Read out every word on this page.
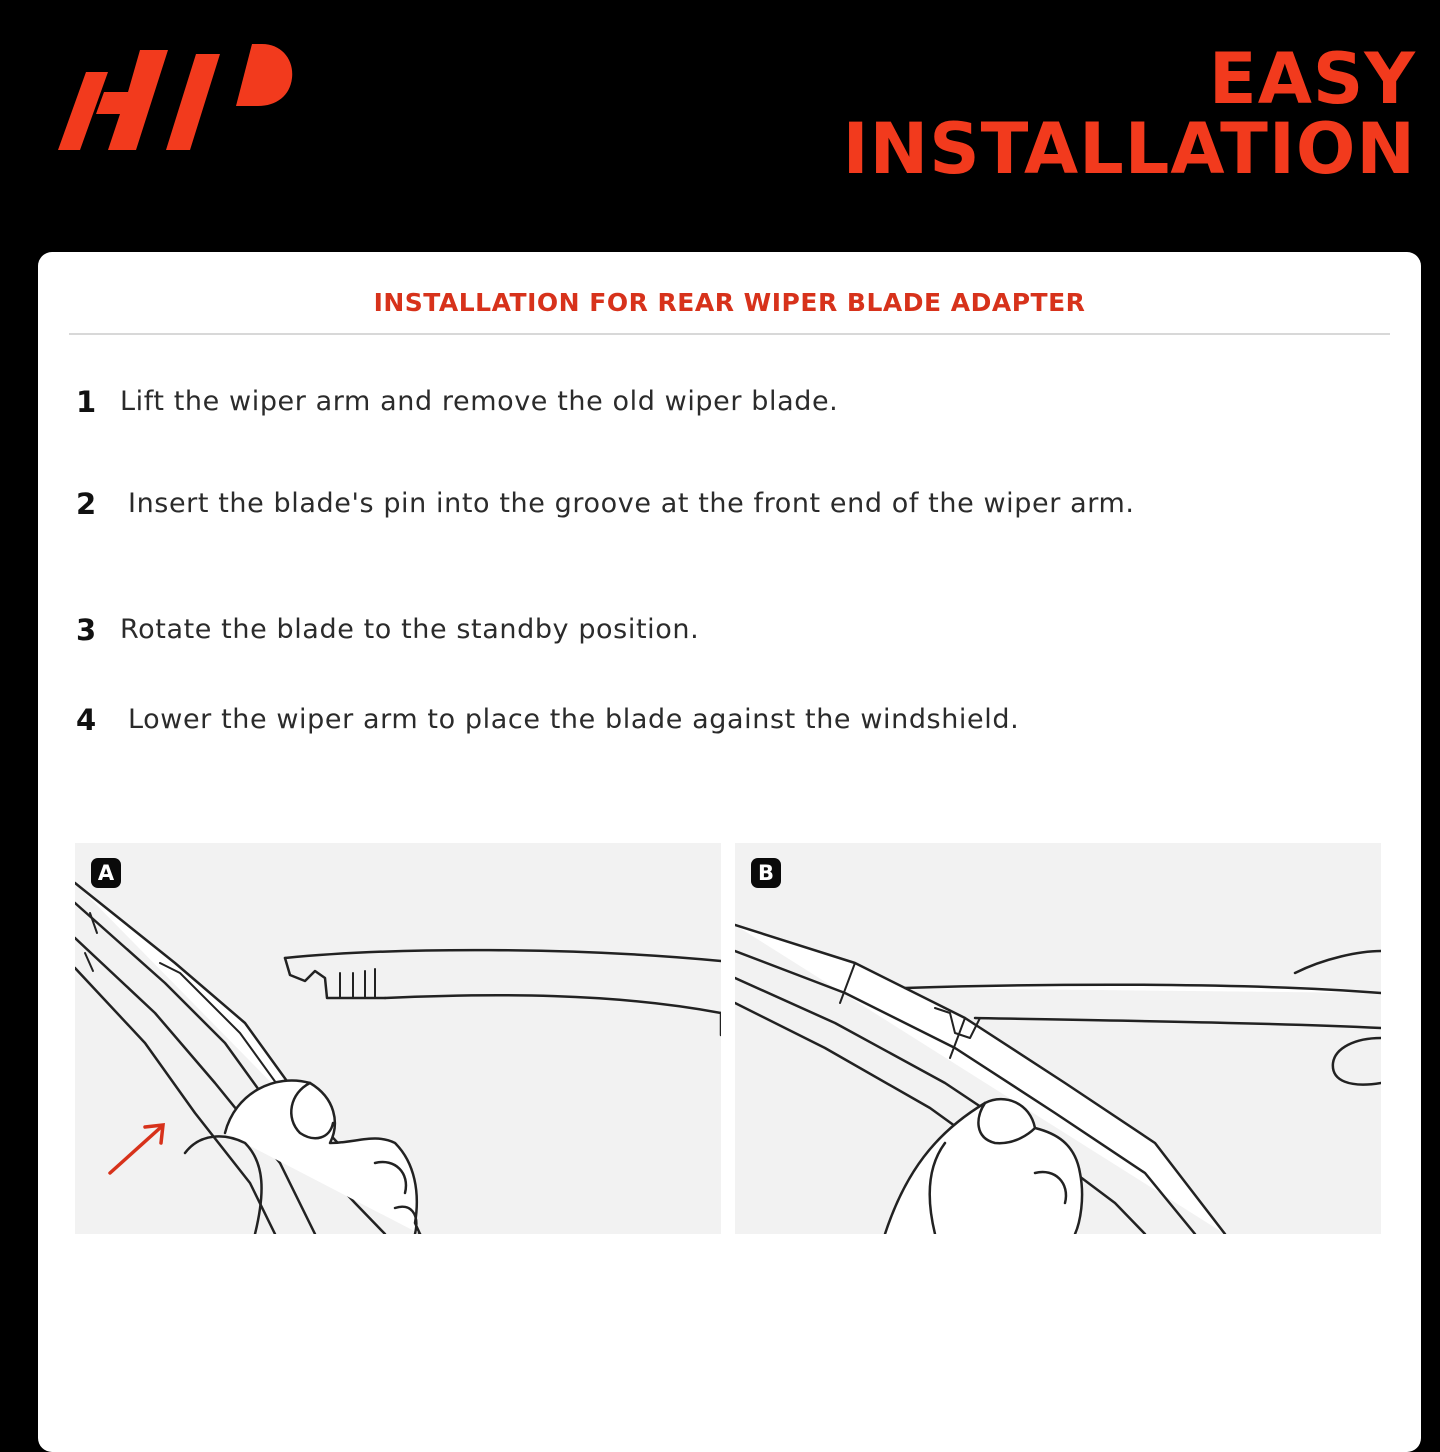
EASY
INSTALLATION
INSTALLATION FOR REAR WIPER BLADE ADAPTER
1 Lift the wiper arm and remove the old wiper blade.
2 Insert the blade's pin into the groove at the front end of the wiper arm.
3 Rotate the blade to the standby position.
4 Lower the wiper arm to place the blade against the windshield.
A	B
